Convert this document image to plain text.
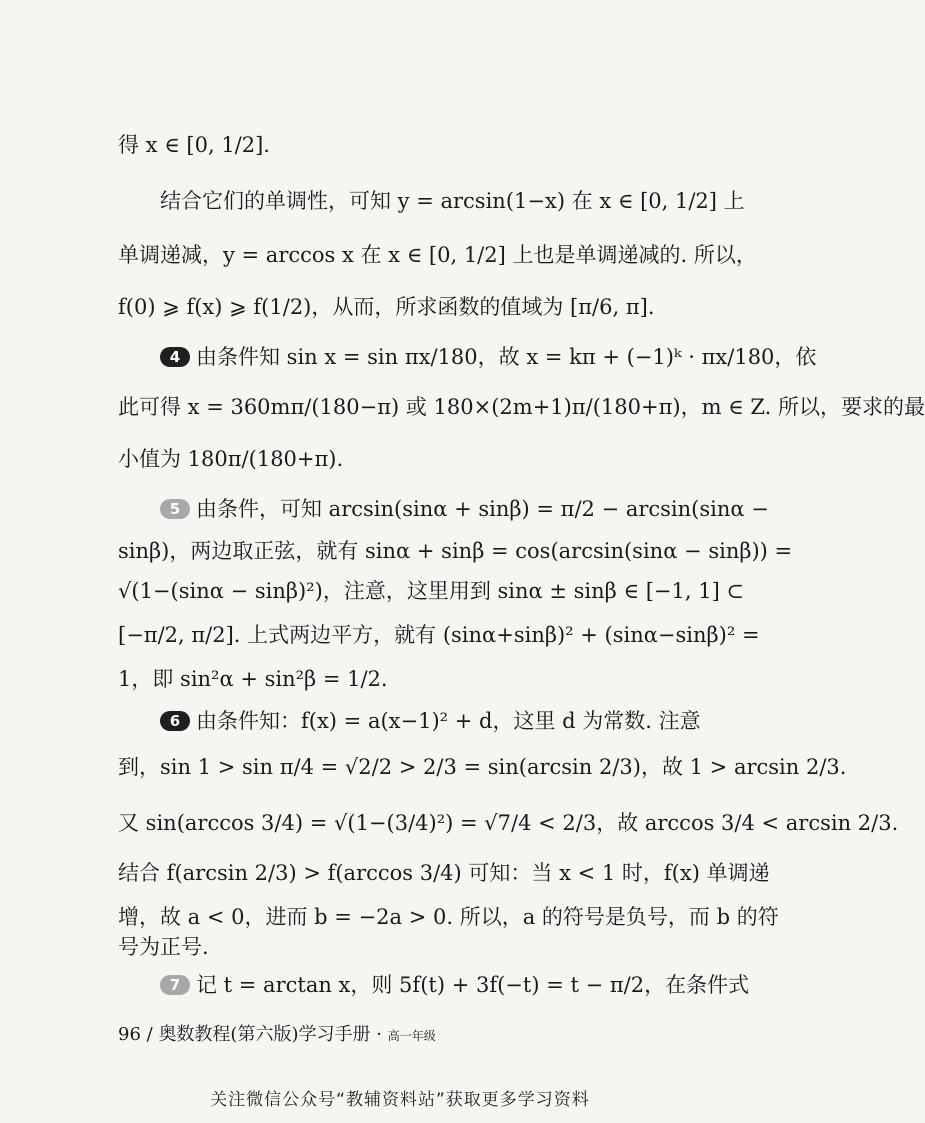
得 x ∈ [0, 1/2].
结合它们的单调性，可知 y = arcsin(1−x) 在 x ∈ [0, 1/2] 上
单调递减，y = arccos x 在 x ∈ [0, 1/2] 上也是单调递减的. 所以，
f(0) ⩾ f(x) ⩾ f(1/2)，从而，所求函数的值域为 [π/6, π].
4 由条件知 sin x = sin πx/180，故 x = kπ + (−1)ᵏ · πx/180，依
此可得 x = 360mπ/(180−π) 或 180×(2m+1)π/(180+π)，m ∈ Z. 所以，要求的最
小值为 180π/(180+π).
5 由条件，可知 arcsin(sinα + sinβ) = π/2 − arcsin(sinα −
sinβ)，两边取正弦，就有 sinα + sinβ = cos(arcsin(sinα − sinβ)) =
√(1−(sinα − sinβ)²)，注意，这里用到 sinα ± sinβ ∈ [−1, 1] ⊂
[−π/2, π/2]. 上式两边平方，就有 (sinα+sinβ)² + (sinα−sinβ)² =
1，即 sin²α + sin²β = 1/2.
6 由条件知：f(x) = a(x−1)² + d，这里 d 为常数. 注意
到，sin 1 > sin π/4 = √2/2 > 2/3 = sin(arcsin 2/3)，故 1 > arcsin 2/3.
又 sin(arccos 3/4) = √(1−(3/4)²) = √7/4 < 2/3，故 arccos 3/4 < arcsin 2/3.
结合 f(arcsin 2/3) > f(arccos 3/4) 可知：当 x < 1 时，f(x) 单调递
增，故 a < 0，进而 b = −2a > 0. 所以，a 的符号是负号，而 b 的符
号为正号.
7 记 t = arctan x，则 5f(t) + 3f(−t) = t − π/2，在条件式
96 / 奥数教程(第六版)学习手册 · 高一年级
关注微信公众号“教辅资料站”获取更多学习资料
